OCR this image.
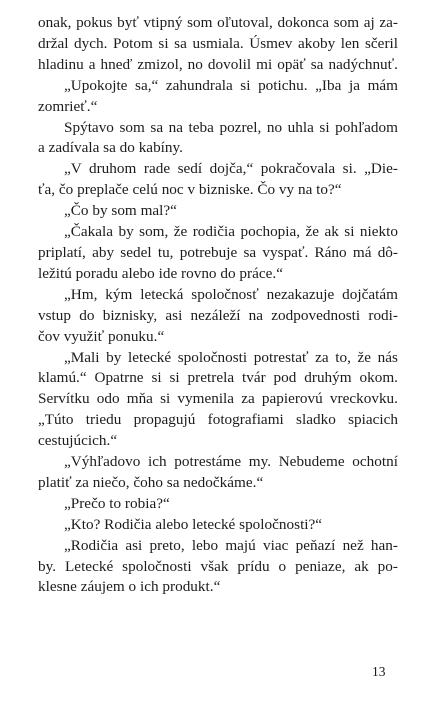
onak, pokus byť vtipný som oľutoval, dokonca som aj za-
držal dych. Potom si sa usmiala. Úsmev akoby len sčeril
hladinu a hneď zmizol, no dovolil mi opäť sa nadýchnuť.
„Upokojte sa,“ zahundrala si potichu. „Iba ja mám
zomrieť.“
Spýtavo som sa na teba pozrel, no uhla si pohľadom
a zadívala sa do kabíny.
„V druhom rade sedí dojča,“ pokračovala si. „Die-
ťa, čo preplače celú noc v bizniske. Čo vy na to?“
„Čo by som mal?“
„Čakala by som, že rodičia pochopia, že ak si niekto
priplatí, aby sedel tu, potrebuje sa vyspať. Ráno má dô-
ležitú poradu alebo ide rovno do práce.“
„Hm, kým letecká spoločnosť nezakazuje dojčatám
vstup do biznisky, asi nezáleží na zodpovednosti rodi-
čov využiť ponuku.“
„Mali by letecké spoločnosti potrestať za to, že nás
klamú.“ Opatrne si si pretrela tvár pod druhým okom.
Servítku odo mňa si vymenila za papierovú vreckovku.
„Túto triedu propagujú fotografiami sladko spiacich
cestujúcich.“
„Výhľadovo ich potrestáme my. Nebudeme ochotní
platiť za niečo, čoho sa nedočkáme.“
„Prečo to robia?“
„Kto? Rodičia alebo letecké spoločnosti?“
„Rodičia asi preto, lebo majú viac peňazí než han-
by. Letecké spoločnosti však prídu o peniaze, ak po-
klesne záujem o ich produkt.“
13
